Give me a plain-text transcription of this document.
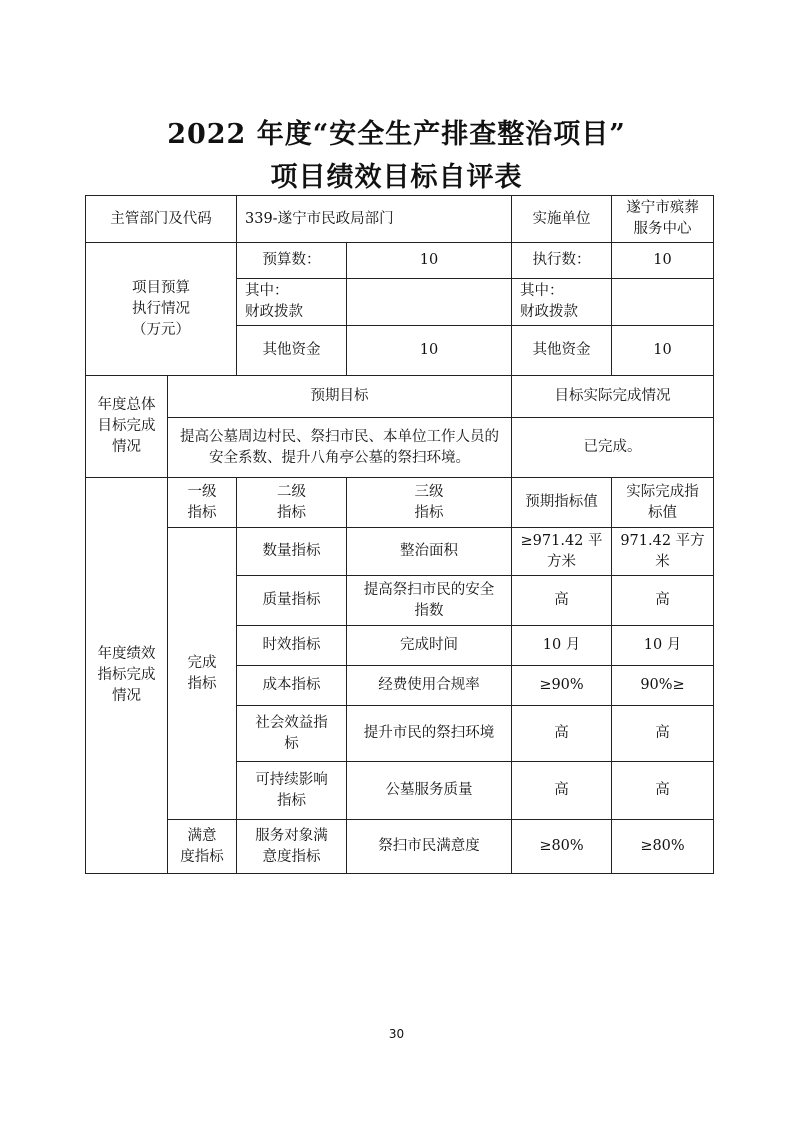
2022 年度“安全生产排查整治项目”
项目绩效目标自评表
主管部门及代码		339-遂宁市民政局部门		实施单位	遂宁市殡葬
服务中心
项目预算
执行情况
（万元）		预算数：	10	执行数：	10
		其中：
财政拨款		其中：
财政拨款	
		其他资金	10	其他资金	10
年度总体
目标完成
情况	预期目标			目标实际完成情况	
	提高公墓周边村民、祭扫市民、本单位工作人员的安全系数、提升八角亭公墓的祭扫环境。			已完成。	
年度绩效
指标完成
情况	一级
指标	二级
指标	三级
指标	预期指标值	实际完成指
标值
	完成
指标	数量指标	整治面积	≥971.42 平
方米	971.42 平方
米
		质量指标	提高祭扫市民的安全
指数	高	高
		时效指标	完成时间	10 月	10 月
		成本指标	经费使用合规率	≥90%	90%≥
		社会效益指
标	提升市民的祭扫环境	高	高
		可持续影响
指标	公墓服务质量	高	高
	满意
度指标	服务对象满
意度指标	祭扫市民满意度	≥80%	≥80%
30
